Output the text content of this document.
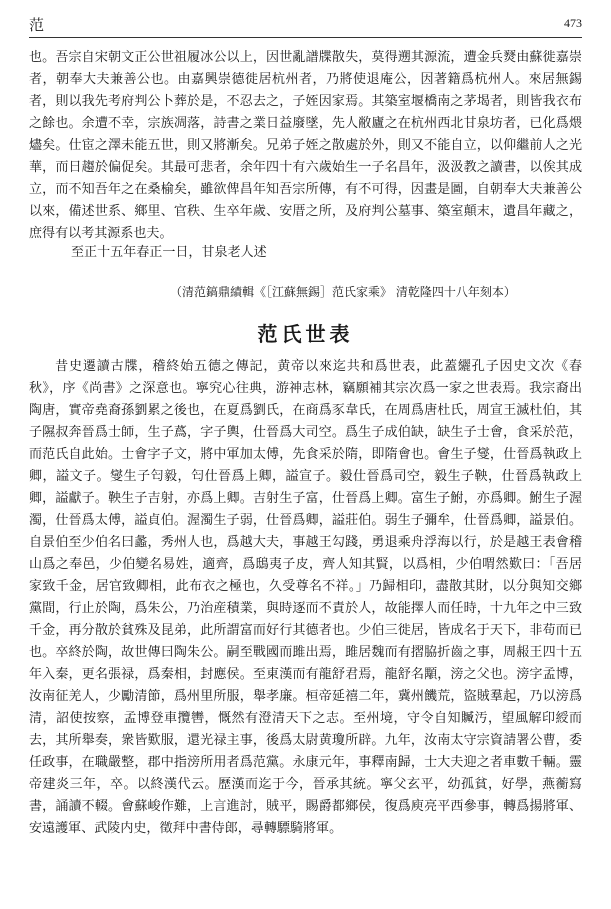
范	473
也。吾宗自宋朝文正公世祖履冰公以上，因世亂譜牒散失，莫得遡其源流，遭金兵燹由蘇徙嘉崇者，朝奉大夫兼善公也。由嘉興崇德徙居杭州者，乃將使退庵公，因著籍爲杭州人。來居無錫者，則以我先考府判公卜葬於是，不忍去之，子姪因家焉。其築室堰橋南之茅堨者，則皆我衣布之餘也。余遭不幸，宗族凋落，詩書之業日益廢墜，先人敝廬之在杭州西北甘泉坊者，已化爲煨燼矣。仕宦之澤未能五世，則又將漸矣。兄弟子姪之散處於外，則又不能自立，以仰繼前人之光華，而日趨於偏促矣。其最可悲者，余年四十有六歲始生一子名昌年，汲汲教之讀書，以俟其成立，而不知吾年之在桑榆矣，雖欲俾昌年知吾宗所傳，有不可得，因畫是圖，自朝奉大夫兼善公以來，備述世系、鄉里、官秩、生卒年歲、安厝之所，及府判公墓事、築室顛末，遺昌年藏之，庶得有以考其源系也夫。
至正十五年春正一日，甘泉老人述
（清范鎬鼎績輯《［江蘇無錫］范氏家乘》 清乾隆四十八年刻本）
范氏世表
昔史遷讀古牒，稽終始五德之傳記，黄帝以來迄共和爲世表，此蓋纚孔子因史文次《春秋》，序《尚書》之深意也。寧究心往典，游神志林，竊願補其宗次爲一家之世表焉。我宗裔出陶唐，實帝堯裔孫劉累之後也，在夏爲劉氏，在商爲豕韋氏，在周爲唐杜氏，周宣王滅杜伯，其子隰叔奔晉爲士師，生子蔿，字子輿，仕晉爲大司空。爲生子成伯缺，缺生子士會，食采於范，而范氏自此始。士會字子文，將中軍加太傅，先食采於隋，即隋會也。會生子燮，仕晉爲執政上卿，謚文子。燮生子匄毅，匄仕晉爲上卿，謚宣子。毅仕晉爲司空，毅生子鞅，仕晉爲執政上卿，謚獻子。鞅生子吉射，亦爲上卿。吉射生子富，仕晉爲上卿。富生子鮒，亦爲卿。鮒生子渥濁，仕晉爲太傅，謚貞伯。渥濁生子弱，仕晉爲卿，謚莊伯。弱生子彌牟，仕晉爲卿，謚景伯。自景伯至少伯名曰蠡，秀州人也，爲越大夫，事越王勾踐，勇退乘舟浮海以行，於是越王表會稽山爲之奉邑，少伯變名易姓，適齊，爲鴟夷子皮，齊人知其賢，以爲相，少伯喟然歎曰：「吾居家致千金，居官致卿相，此布衣之極也，久受尊名不祥。」乃歸相印，盡散其財，以分與知交鄉黨間，行止於陶，爲朱公，乃治産積業，與時逐而不責於人，故能擇人而任時，十九年之中三致千金，再分散於貧殊及昆弟，此所謂富而好行其德者也。少伯三徙居，皆成名于天下，非苟而已也。卒終於陶，故世傳曰陶朱公。嗣至戰國而雎出焉，雎居魏而有摺脇折齒之事，周赧王四十五年入秦，更名張禄，爲秦相，封應侯。至東漢而有龍舒君焉，龍舒名顒，滂之父也。滂字孟博，汝南征羌人，少勵清節，爲州里所服，舉孝廉。桓帝延禧二年，冀州饑荒，盜賊羣起，乃以滂爲清，詔使按察，孟博登車攬轡，慨然有澄清天下之志。至州境，守令自知贓汚，望風解印綬而去，其所舉奏，衆皆歎服，還光禄主事，後爲太尉黄瓊所辟。九年，汝南太守宗資請署公曹，委任政事，在職嚴整，郡中指滂所用者爲范黨。永康元年，事釋南歸，士大夫迎之者車數千輛。靈帝建炎三年，卒。以終漢代云。歷漢而迄于今，晉承其統。寧父玄平，幼孤貧，好學，燕蘅寫書，誦讀不輟。會蘇峻作難，上言進討，賊平，賜爵都鄉侯，復爲庾亮平西參事，轉爲揚將軍、安遠護軍、武陵内史，徵拜中書侍郎，尋轉驃騎將軍。
